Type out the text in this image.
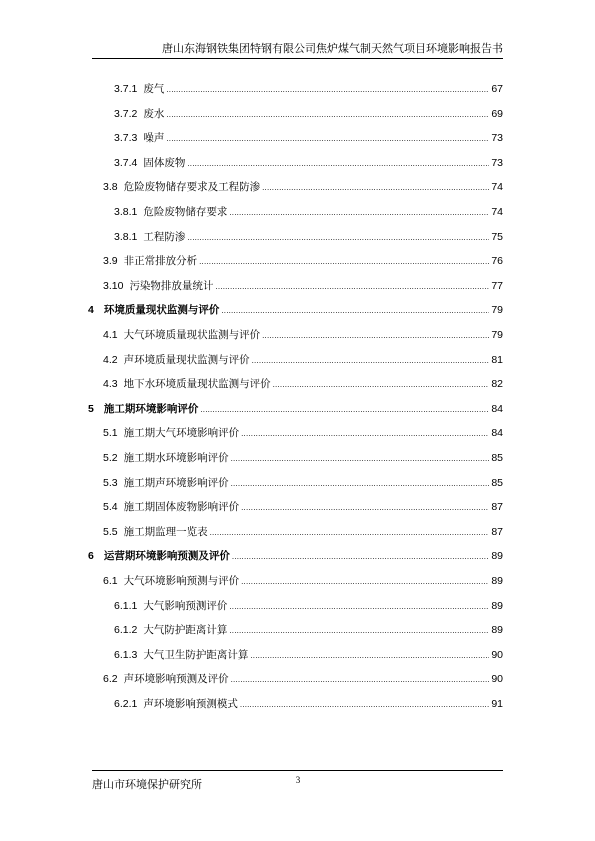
唐山东海钢铁集团特钢有限公司焦炉煤气制天然气项目环境影响报告书
3.7.1 废气 .....	67
3.7.2 废水 .....	69
3.7.3 噪声 .....	73
3.7.4 固体废物 .....	73
3.8 危险废物储存要求及工程防渗 .....	74
3.8.1 危险废物储存要求 .....	74
3.8.1 工程防渗 .....	75
3.9 非正常排放分析 .....	76
3.10 污染物排放量统计 .....	77
4 环境质量现状监测与评价 .....	79
4.1 大气环境质量现状监测与评价 .....	79
4.2 声环境质量现状监测与评价 .....	81
4.3 地下水环境质量现状监测与评价 .....	82
5 施工期环境影响评价 .....	84
5.1 施工期大气环境影响评价 .....	84
5.2 施工期水环境影响评价 .....	85
5.3 施工期声环境影响评价 .....	85
5.4 施工期固体废物影响评价 .....	87
5.5 施工期监理一览表 .....	87
6 运营期环境影响预测及评价 .....	89
6.1 大气环境影响预测与评价 .....	89
6.1.1 大气影响预测评价 .....	89
6.1.2 大气防护距离计算 .....	89
6.1.3 大气卫生防护距离计算 .....	90
6.2 声环境影响预测及评价 .....	90
6.2.1 声环境影响预测模式 .....	91
唐山市环境保护研究所	3
